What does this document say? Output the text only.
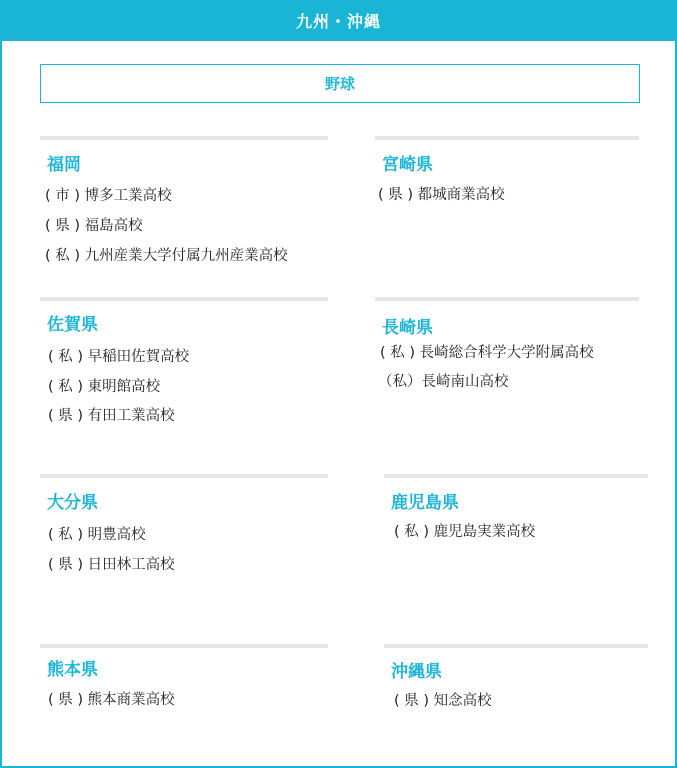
九州・沖縄
野球
福岡
( 市 ) 博多工業高校
( 県 ) 福島高校
( 私 ) 九州産業大学付属九州産業高校
宮崎県
( 県 ) 都城商業高校
佐賀県
( 私 ) 早稲田佐賀高校
( 私 ) 東明館高校
( 県 ) 有田工業高校
長崎県
( 私 ) 長崎総合科学大学附属高校
（私）長崎南山高校
大分県
( 私 ) 明豊高校
( 県 ) 日田林工高校
鹿児島県
( 私 ) 鹿児島実業高校
熊本県
( 県 ) 熊本商業高校
沖縄県
( 県 ) 知念高校
